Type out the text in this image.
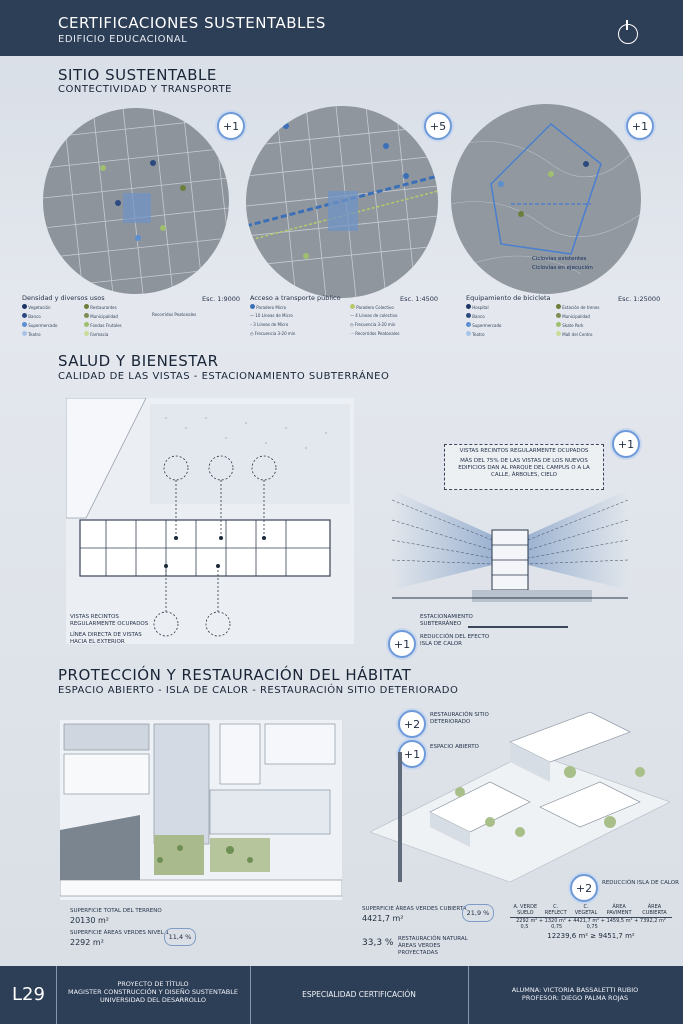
CERTIFICACIONES SUSTENTABLES
EDIFICIO EDUCACIONAL
SITIO SUSTENTABLE
CONTECTIVIDAD Y TRANSPORTE
+1	+5
Ciclovías existentes
Ciclovías en ejecución
+1
Densidad y diversos usos	Esc. 1:9000
Vegetación
Banco
Supermercado
Teatro
Restaurantes
Municipalidad
Fondas Frutales
Farmacia
Recorridos Peatonales
Acceso a transporte público	Esc. 1:4500
Paradero Micro
— 10 Líneas de Micro
– 3 Líneas de Micro
◷ Frecuencia 3-20 min
Paradero Colectivo
— 4 Líneas de colectivo
◷ Frecuencia 3-20 min
⋯ Recorridos Peatonales
Equipamiento de bicicleta	Esc. 1:25000
Hospital
Banco
Supermercado
Teatro
Estación de trenes
Municipalidad
Skate Park
Mall del Centro
SALUD Y BIENESTAR
CALIDAD DE LAS VISTAS - ESTACIONAMIENTO SUBTERRÁNEO
VISTAS RECINTOS REGULARMENTE OCUPADOS
LÍNEA DIRECTA DE VISTAS HACIA EL EXTERIOR
+1
VISTAS RECINTOS REGULARMENTE OCUPADOS
MÁS DEL 75% DE LAS VISTAS DE LOS NUEVOS EDIFICIOS DAN AL PARQUE DEL CAMPUS O A LA CALLE, ÁRBOLES, CIELO
ESTACIONAMIENTO SUBTERRÁNEO
+1
REDUCCIÓN DEL EFECTO ISLA DE CALOR
PROTECCIÓN Y RESTAURACIÓN DEL HÁBITAT
ESPACIO ABIERTO - ISLA DE CALOR - RESTAURACIÓN SITIO DETERIORADO
SUPERFICIE TOTAL DEL TERRENO
20130 m²
SUPERFICIE ÁREAS VERDES NIVEL 1
2292 m²
11,4 %
+2
RESTAURACIÓN SITIO DETERIORADO
+1
ESPACIO ABIERTO
+2	REDUCCIÓN ISLA DE CALOR
SUPERFICIE ÁREAS VERDES CUBIERTA
4421,7 m²
21,9 %
33,3 % RESTAURACIÓN NATURAL ÁREAS VERDES PROYECTADAS
A. VERDE SUELO	C. REFLECT	C. VEGETAL	ÁREA PAVIMENT	ÁREA CUBIERTA
2292 m² + 1320 m² + 4421,7 m² + 1459,5 m² + 7392,2 m²
0,5	0,75	0,75
12239,6 m² ≥ 9451,7 m²
L29	PROYECTO DE TÍTULO
MAGISTER CONSTRUCCIÓN Y DISEÑO SUSTENTABLE
UNIVERSIDAD DEL DESARROLLO
ESPECIALIDAD CERTIFICACIÓN	ALUMNA: VICTORIA BASSALETTI RUBIO
PROFESOR: DIEGO PALMA ROJAS
